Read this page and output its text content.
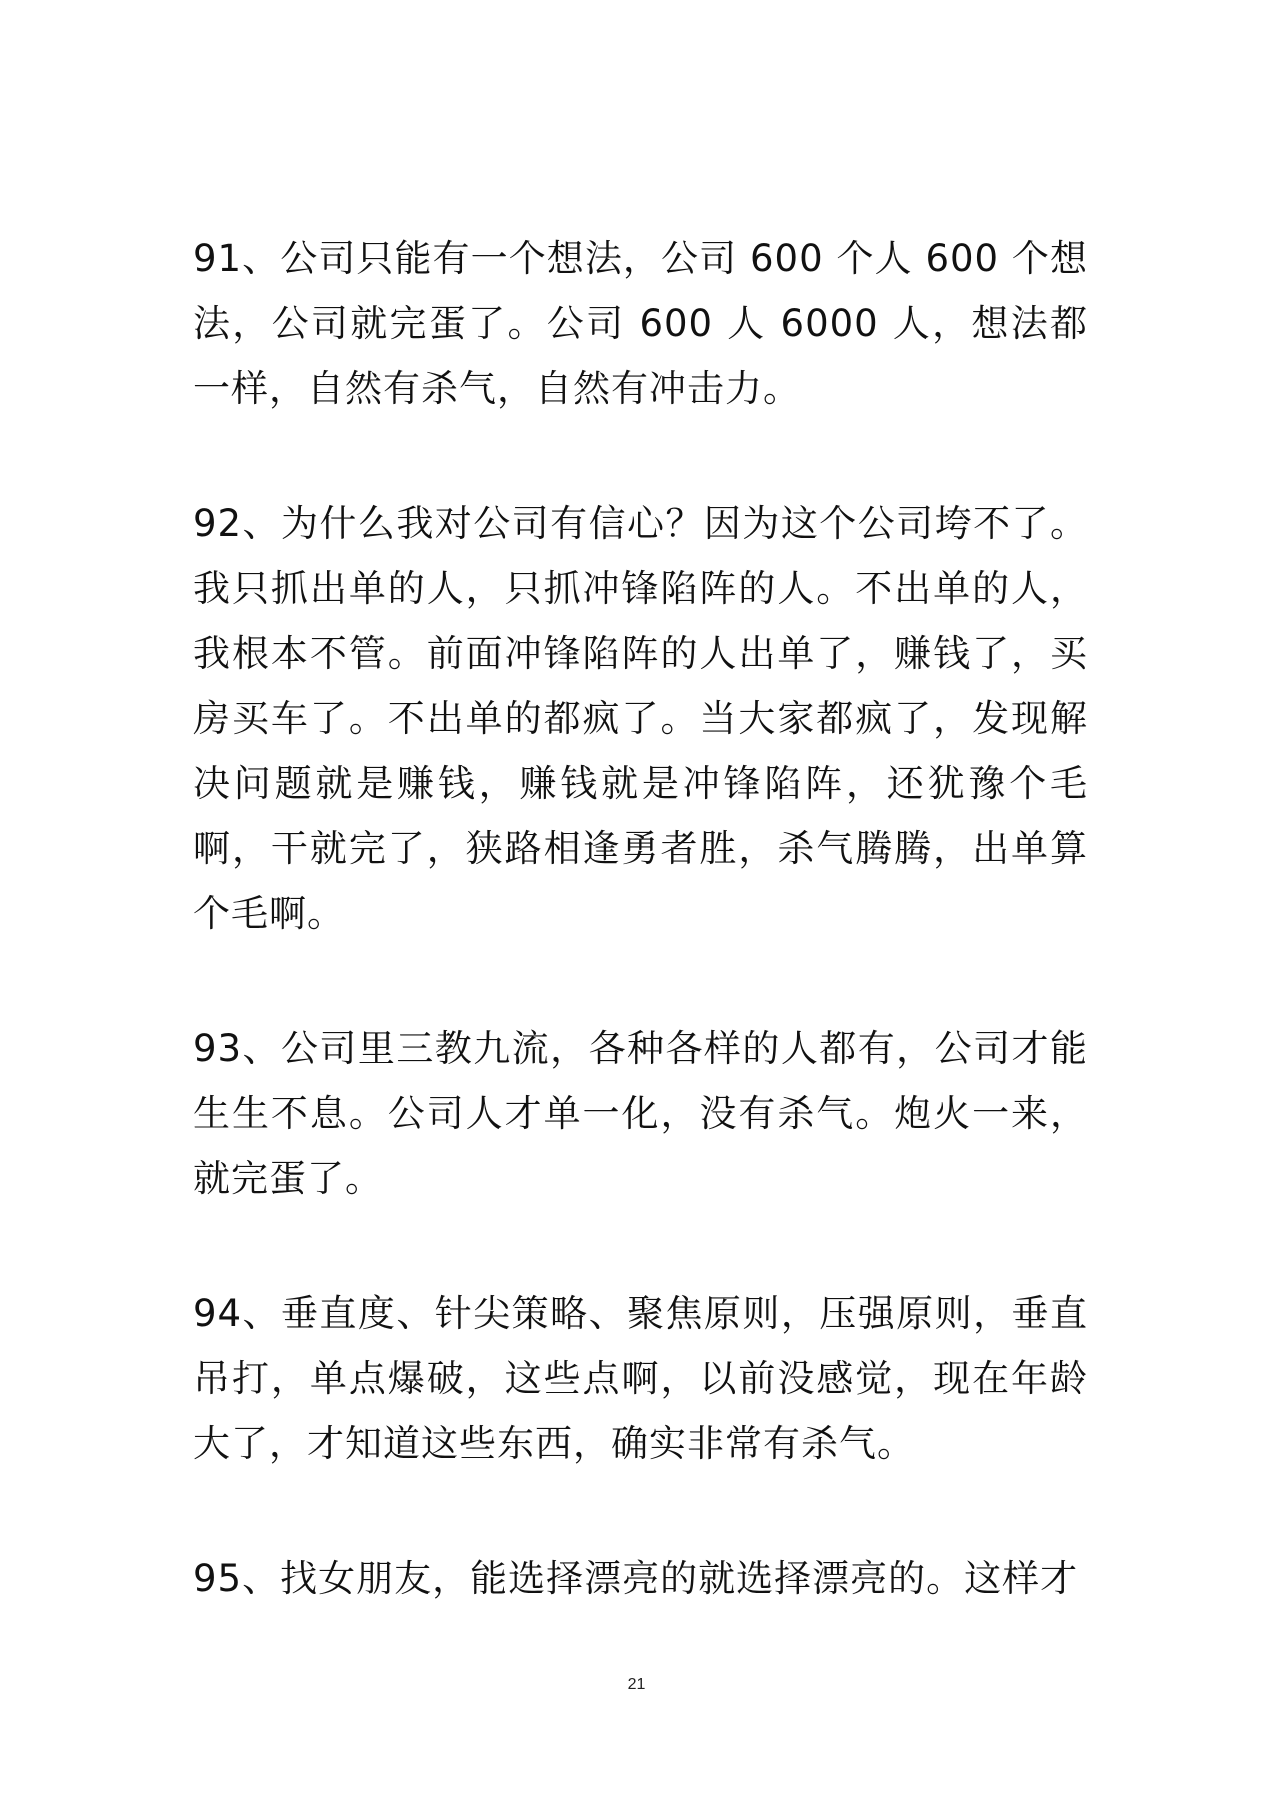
91、公司只能有一个想法，公司 600 个人 600 个想法，公司就完蛋了。公司 600 人 6000 人，想法都一样，自然有杀气，自然有冲击力。

92、为什么我对公司有信心？因为这个公司垮不了。我只抓出单的人，只抓冲锋陷阵的人。不出单的人，我根本不管。前面冲锋陷阵的人出单了，赚钱了，买房买车了。不出单的都疯了。当大家都疯了，发现解决问题就是赚钱，赚钱就是冲锋陷阵，还犹豫个毛啊，干就完了，狭路相逢勇者胜，杀气腾腾，出单算个毛啊。

93、公司里三教九流，各种各样的人都有，公司才能生生不息。公司人才单一化，没有杀气。炮火一来，就完蛋了。

94、垂直度、针尖策略、聚焦原则，压强原则，垂直吊打，单点爆破，这些点啊，以前没感觉，现在年龄大了，才知道这些东西，确实非常有杀气。

95、找女朋友，能选择漂亮的就选择漂亮的。这样才

21
